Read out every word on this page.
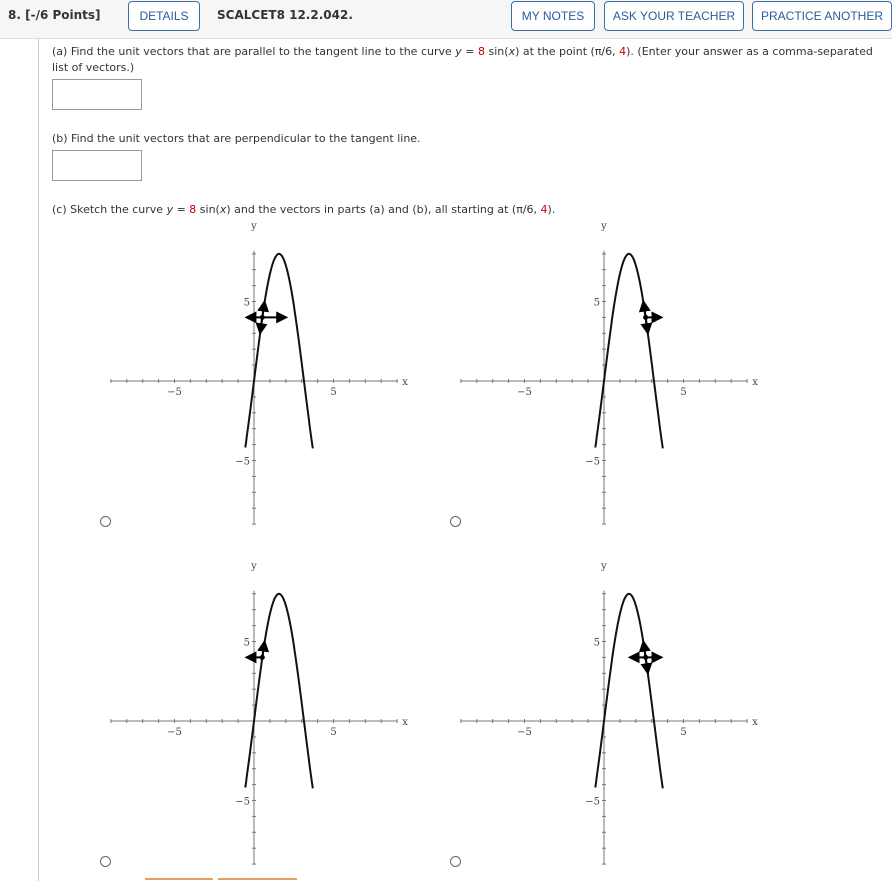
8. [-/6 Points]	DETAILS	SCALCET8 12.2.042.	MY NOTES	ASK YOUR TEACHER	PRACTICE ANOTHER
(a) Find the unit vectors that are parallel to the tangent line to the curve y = 8 sin(x) at the point (π/6, 4). (Enter your answer as a comma-separated
list of vectors.)
(b) Find the unit vectors that are perpendicular to the tangent line.
(c) Sketch the curve y = 8 sin(x) and the vectors in parts (a) and (b), all starting at (π/6, 4).
−5	5
5
−5
x
y
−5	5
5
−5
x
y
−5	5
5
−5
x
y
−5	5
5
−5
x
y
